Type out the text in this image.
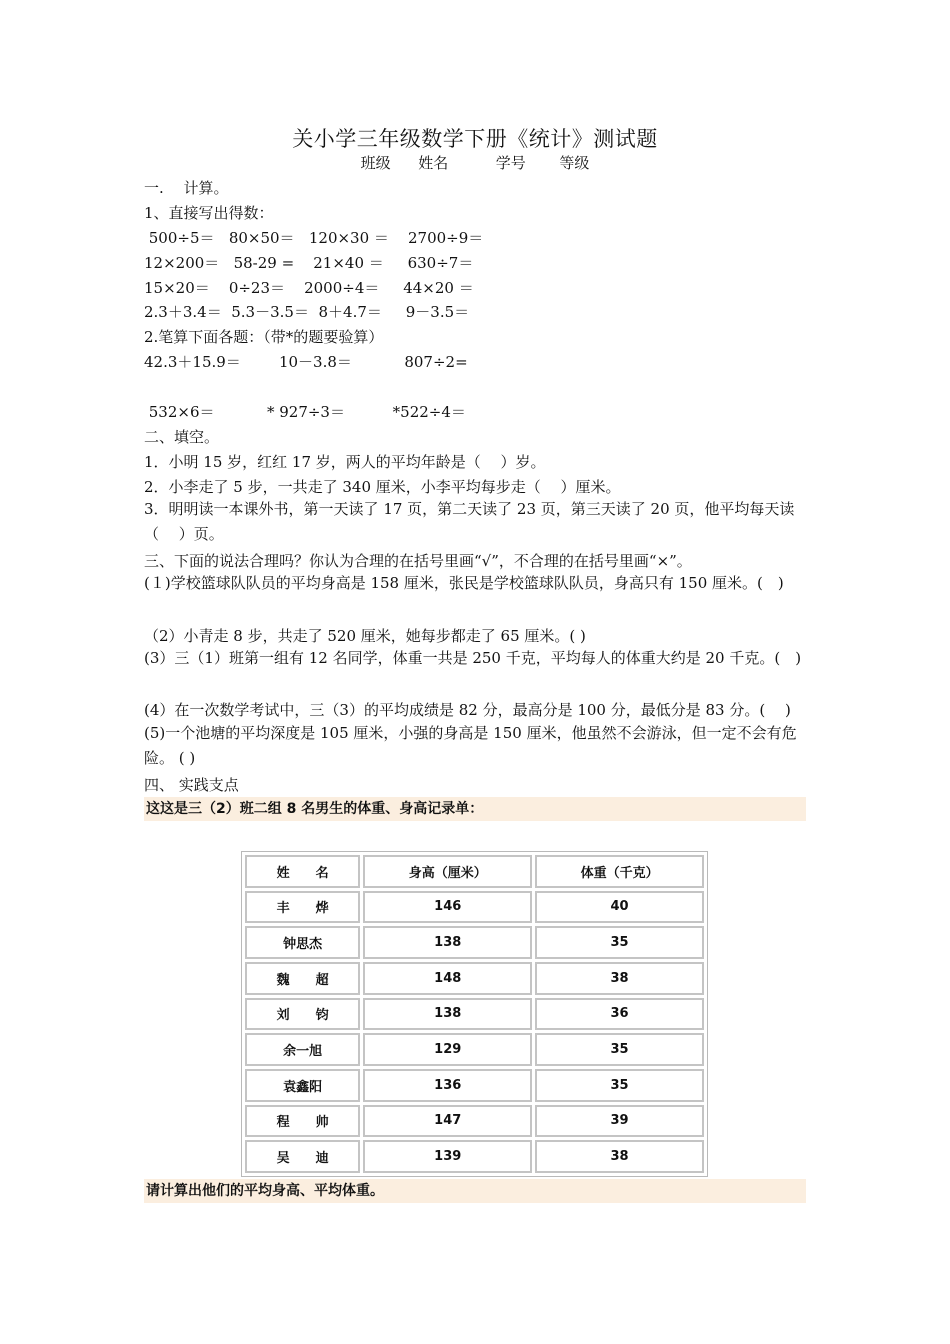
关小学三年级数学下册《统计》测试题
班级 姓名	学号 等级
一.　 计算。
1、直接写出得数：
500÷5＝   80×50＝   120×30 ＝    2700÷9＝
12×200＝   58-29 =    21×40 ＝     630÷7＝
15×20＝    0÷23＝    2000÷4＝     44×20 ＝
2.3＋3.4＝  5.3－3.5＝  8＋4.7＝     9－3.5＝
2.笔算下面各题：（带*的题要验算）
42.3＋15.9＝        10－3.8＝           807÷2=
532×6＝           * 927÷3＝          *522÷4＝
二、填空。
1．小明 15 岁，红红 17 岁，两人的平均年龄是（　 ）岁。
2．小李走了 5 步，一共走了 340 厘米，小李平均每步走（　 ）厘米。
3．明明读一本课外书，第一天读了 17 页，第二天读了 23 页，第三天读了 20 页，他平均每天读（　 ）页。
三、下面的说法合理吗？你认为合理的在括号里画“√”，不合理的在括号里画“×”。
(１)学校篮球队队员的平均身高是 158 厘米，张民是学校篮球队队员，身高只有 150 厘米。(　)
（2）小青走 8 步，共走了 520 厘米，她每步都走了 65 厘米。( )
(3）三（1）班第一组有 12 名同学，体重一共是 250 千克，平均每人的体重大约是 20 千克。(　)
(4）在一次数学考试中，三（3）的平均成绩是 82 分，最高分是 100 分，最低分是 83 分。(　 )
(5)一个池塘的平均深度是 105 厘米，小强的身高是 150 厘米，他虽然不会游泳，但一定不会有危险。 ( )
四、 实践支点
这这是三（2）班二组 8 名男生的体重、身高记录单：
姓　　名	身高（厘米）	体重（千克）
丰　　烨	146	40
钟思杰	138	35
魏　　超	148	38
刘　　钧	138	36
余一旭	129	35
袁鑫阳	136	35
程　　帅	147	39
吴　　迪	139	38
请计算出他们的平均身高、平均体重。
